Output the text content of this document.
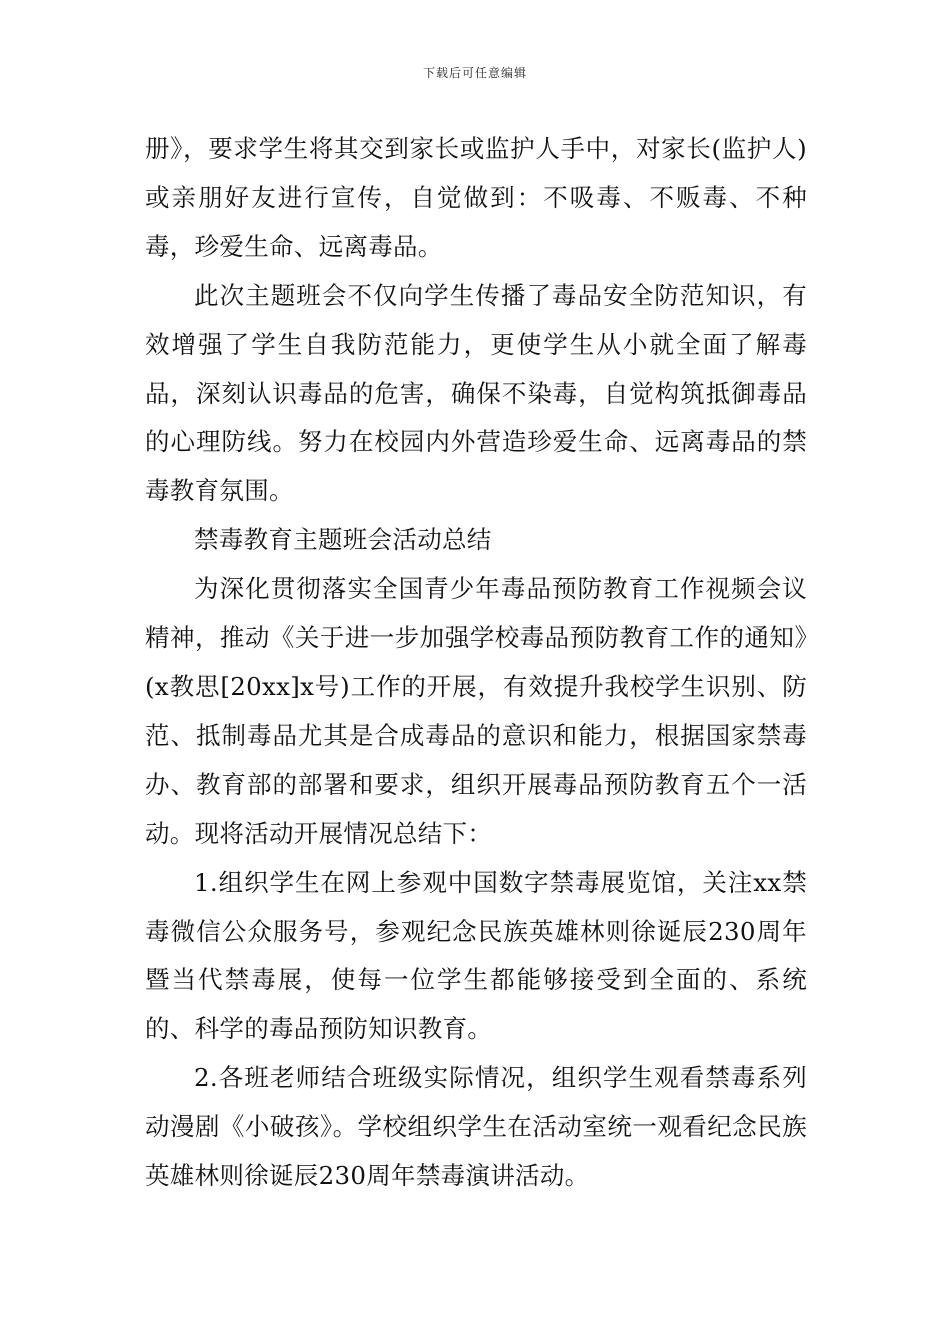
下载后可任意编辑

册》，要求学生将其交到家长或监护人手中，对家长(监护人)或亲朋好友进行宣传，自觉做到：不吸毒、不贩毒、不种毒，珍爱生命、远离毒品。

此次主题班会不仅向学生传播了毒品安全防范知识，有效增强了学生自我防范能力，更使学生从小就全面了解毒品，深刻认识毒品的危害，确保不染毒，自觉构筑抵御毒品的心理防线。努力在校园内外营造珍爱生命、远离毒品的禁毒教育氛围。

禁毒教育主题班会活动总结

为深化贯彻落实全国青少年毒品预防教育工作视频会议精神，推动《关于进一步加强学校毒品预防教育工作的通知》(x教思[20xx]x号)工作的开展，有效提升我校学生识别、防范、抵制毒品尤其是合成毒品的意识和能力，根据国家禁毒办、教育部的部署和要求，组织开展毒品预防教育五个一活动。现将活动开展情况总结下：

1.组织学生在网上参观中国数字禁毒展览馆，关注xx禁毒微信公众服务号，参观纪念民族英雄林则徐诞辰230周年暨当代禁毒展，使每一位学生都能够接受到全面的、系统的、科学的毒品预防知识教育。

2.各班老师结合班级实际情况，组织学生观看禁毒系列动漫剧《小破孩》。学校组织学生在活动室统一观看纪念民族英雄林则徐诞辰230周年禁毒演讲活动。
